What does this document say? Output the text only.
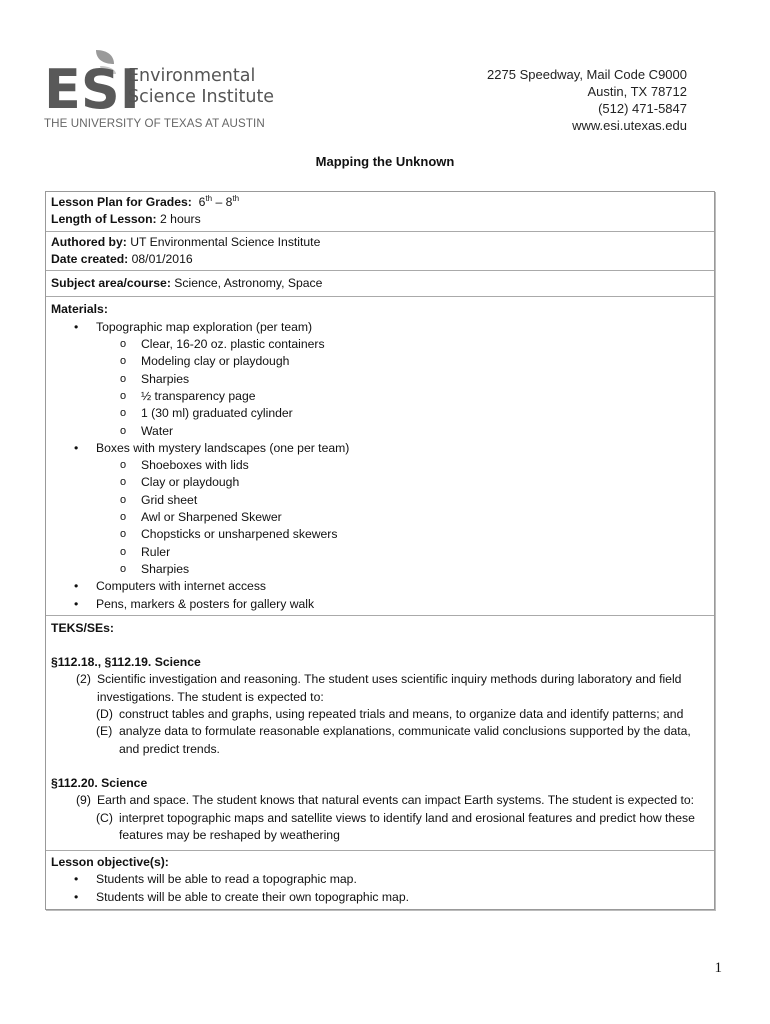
ESI
Environmental
Science Institute
THE UNIVERSITY OF TEXAS AT AUSTIN
2275 Speedway, Mail Code C9000
Austin, TX 78712
(512) 471-5847
www.esi.utexas.edu
Mapping the Unknown
Lesson Plan for Grades: 6th – 8th
Length of Lesson: 2 hours
Authored by: UT Environmental Science Institute
Date created: 08/01/2016
Subject area/course: Science, Astronomy, Space
Materials:
• Topographic map exploration (per team)
o Clear, 16-20 oz. plastic containers
o Modeling clay or playdough
o Sharpies
o ½ transparency page
o 1 (30 ml) graduated cylinder
o Water
• Boxes with mystery landscapes (one per team)
o Shoeboxes with lids
o Clay or playdough
o Grid sheet
o Awl or Sharpened Skewer
o Chopsticks or unsharpened skewers
o Ruler
o Sharpies
• Computers with internet access
• Pens, markers & posters for gallery walk
TEKS/SEs:
§112.18., §112.19. Science
(2) Scientific investigation and reasoning. The student uses scientific inquiry methods during laboratory and field investigations. The student is expected to:
(D) construct tables and graphs, using repeated trials and means, to organize data and identify patterns; and
(E) analyze data to formulate reasonable explanations, communicate valid conclusions supported by the data, and predict trends.
§112.20. Science
(9) Earth and space. The student knows that natural events can impact Earth systems. The student is expected to:
(C) interpret topographic maps and satellite views to identify land and erosional features and predict how these features may be reshaped by weathering
Lesson objective(s):
• Students will be able to read a topographic map.
• Students will be able to create their own topographic map.
1
